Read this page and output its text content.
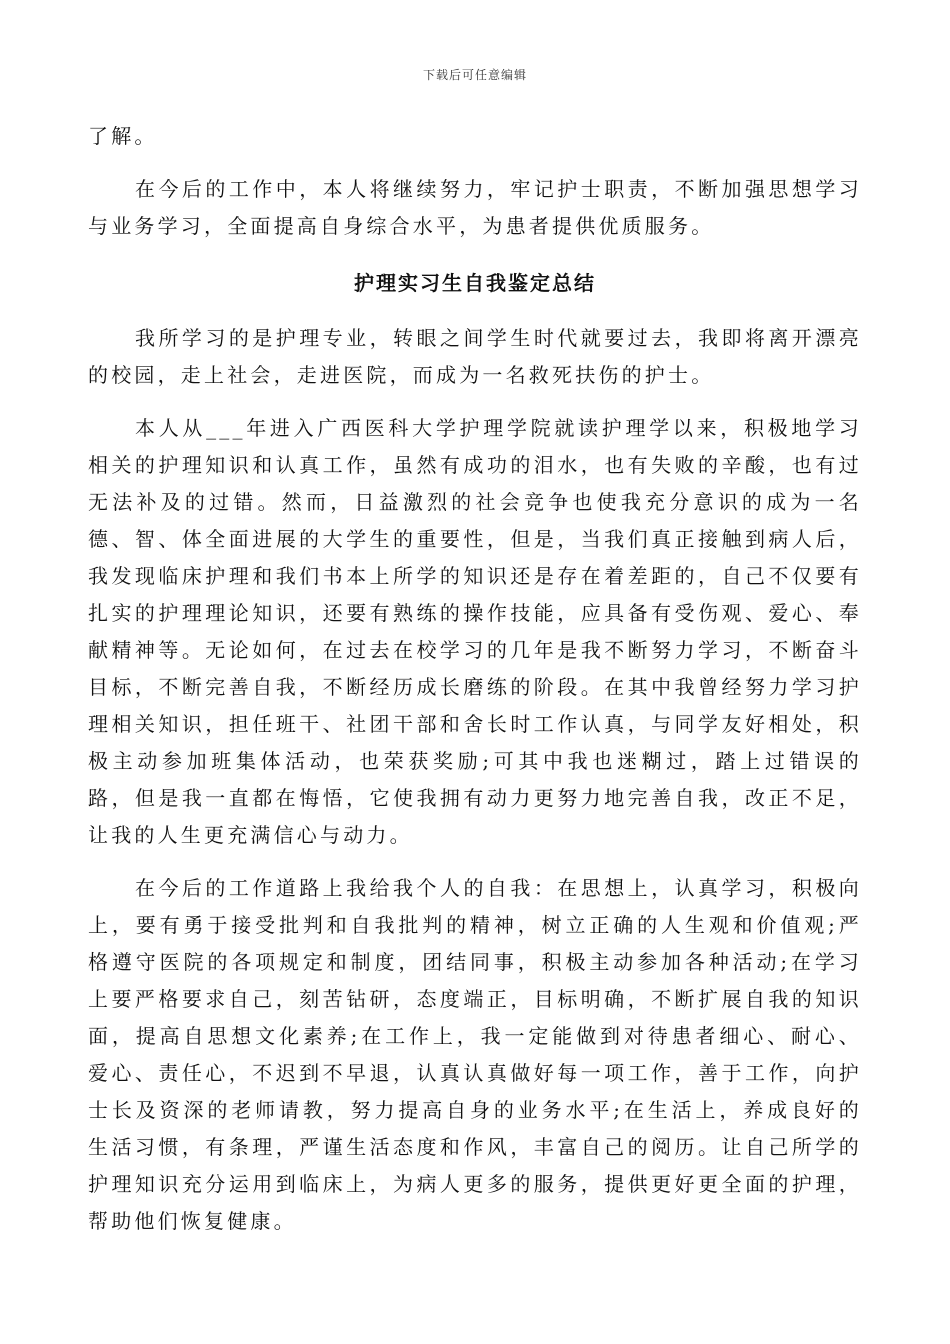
下载后可任意编辑

了解。

在今后的工作中，本人将继续努力，牢记护士职责，不断加强思想学习与业务学习，全面提高自身综合水平，为患者提供优质服务。

护理实习生自我鉴定总结

我所学习的是护理专业，转眼之间学生时代就要过去，我即将离开漂亮的校园，走上社会，走进医院，而成为一名救死扶伤的护士。

本人从___年进入广西医科大学护理学院就读护理学以来，积极地学习相关的护理知识和认真工作，虽然有成功的泪水，也有失败的辛酸，也有过无法补及的过错。然而，日益激烈的社会竞争也使我充分意识的成为一名德、智、体全面进展的大学生的重要性，但是，当我们真正接触到病人后，我发现临床护理和我们书本上所学的知识还是存在着差距的，自己不仅要有扎实的护理理论知识，还要有熟练的操作技能，应具备有受伤观、爱心、奉献精神等。无论如何，在过去在校学习的几年是我不断努力学习，不断奋斗目标，不断完善自我，不断经历成长磨练的阶段。在其中我曾经努力学习护理相关知识，担任班干、社团干部和舍长时工作认真，与同学友好相处，积极主动参加班集体活动，也荣获奖励;可其中我也迷糊过，踏上过错误的路，但是我一直都在悔悟，它使我拥有动力更努力地完善自我，改正不足，让我的人生更充满信心与动力。

在今后的工作道路上我给我个人的自我：在思想上，认真学习，积极向上，要有勇于接受批判和自我批判的精神，树立正确的人生观和价值观;严格遵守医院的各项规定和制度，团结同事，积极主动参加各种活动;在学习上要严格要求自己，刻苦钻研，态度端正，目标明确，不断扩展自我的知识面，提高自思想文化素养;在工作上，我一定能做到对待患者细心、耐心、爱心、责任心，不迟到不早退，认真认真做好每一项工作，善于工作，向护士长及资深的老师请教，努力提高自身的业务水平;在生活上，养成良好的生活习惯，有条理，严谨生活态度和作风，丰富自己的阅历。让自己所学的护理知识充分运用到临床上，为病人更多的服务，提供更好更全面的护理，帮助他们恢复健康。
